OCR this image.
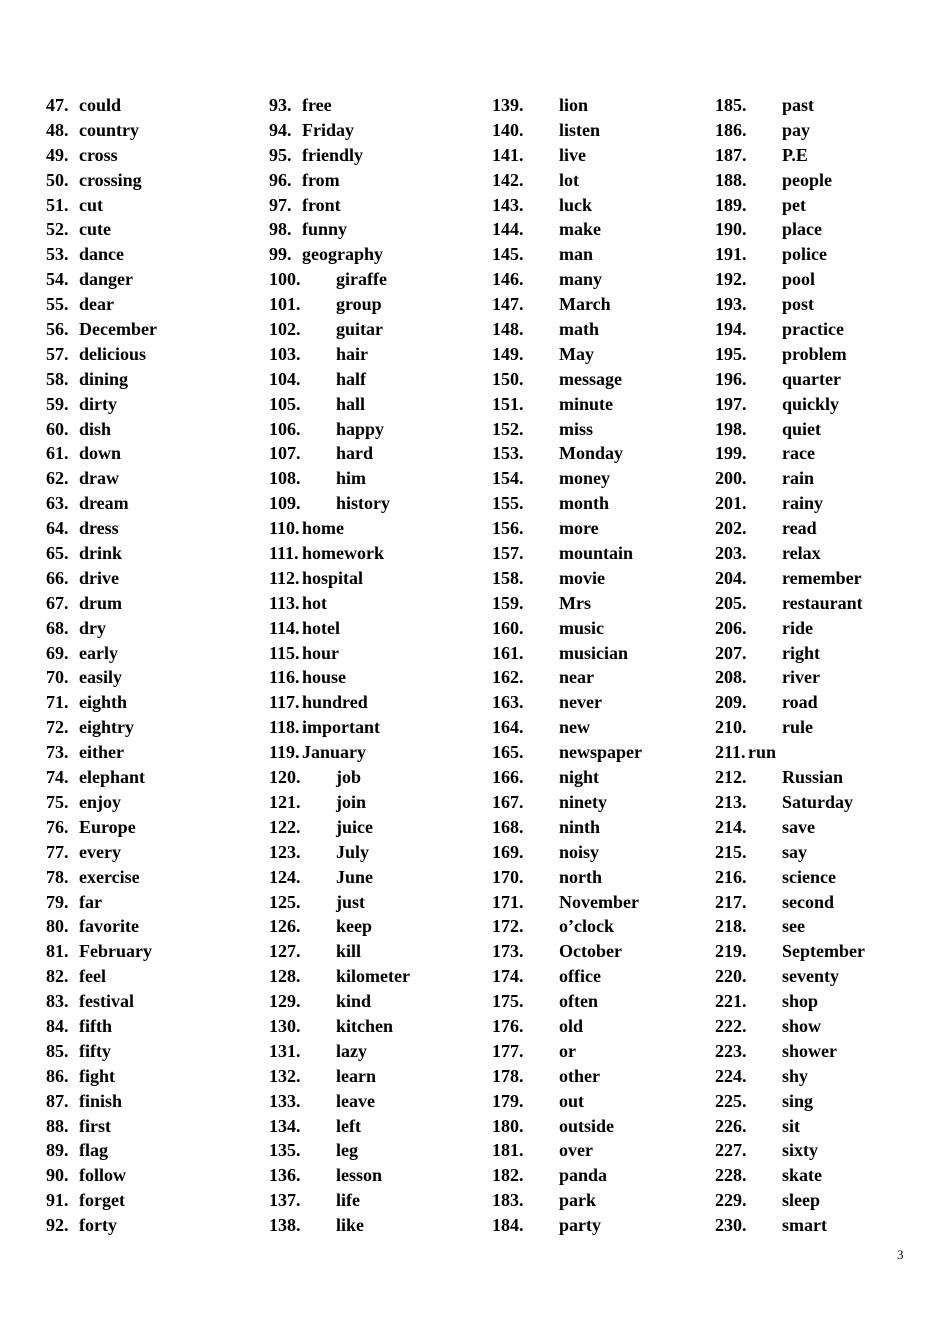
47. could
48. country
49. cross
50. crossing
51. cut
52. cute
53. dance
54. danger
55. dear
56. December
57. delicious
58. dining
59. dirty
60. dish
61. down
62. draw
63. dream
64. dress
65. drink
66. drive
67. drum
68. dry
69. early
70. easily
71. eighth
72. eightry
73. either
74. elephant
75. enjoy
76. Europe
77. every
78. exercise
79. far
80. favorite
81. February
82. feel
83. festival
84. fifth
85. fifty
86. fight
87. finish
88. first
89. flag
90. follow
91. forget
92. forty
93. free
94. Friday
95. friendly
96. from
97. front
98. funny
99. geography
100. giraffe
101. group
102. guitar
103. hair
104. half
105. hall
106. happy
107. hard
108. him
109. history
110. home
111. homework
112. hospital
113. hot
114. hotel
115. hour
116. house
117. hundred
118. important
119. January
120. job
121. join
122. juice
123. July
124. June
125. just
126. keep
127. kill
128. kilometer
129. kind
130. kitchen
131. lazy
132. learn
133. leave
134. left
135. leg
136. lesson
137. life
138. like
139. lion
140. listen
141. live
142. lot
143. luck
144. make
145. man
146. many
147. March
148. math
149. May
150. message
151. minute
152. miss
153. Monday
154. money
155. month
156. more
157. mountain
158. movie
159. Mrs
160. music
161. musician
162. near
163. never
164. new
165. newspaper
166. night
167. ninety
168. ninth
169. noisy
170. north
171. November
172. o’clock
173. October
174. office
175. often
176. old
177. or
178. other
179. out
180. outside
181. over
182. panda
183. park
184. party
185. past
186. pay
187. P.E
188. people
189. pet
190. place
191. police
192. pool
193. post
194. practice
195. problem
196. quarter
197. quickly
198. quiet
199. race
200. rain
201. rainy
202. read
203. relax
204. remember
205. restaurant
206. ride
207. right
208. river
209. road
210. rule
211. run
212. Russian
213. Saturday
214. save
215. say
216. science
217. second
218. see
219. September
220. seventy
221. shop
222. show
223. shower
224. shy
225. sing
226. sit
227. sixty
228. skate
229. sleep
230. smart
3
